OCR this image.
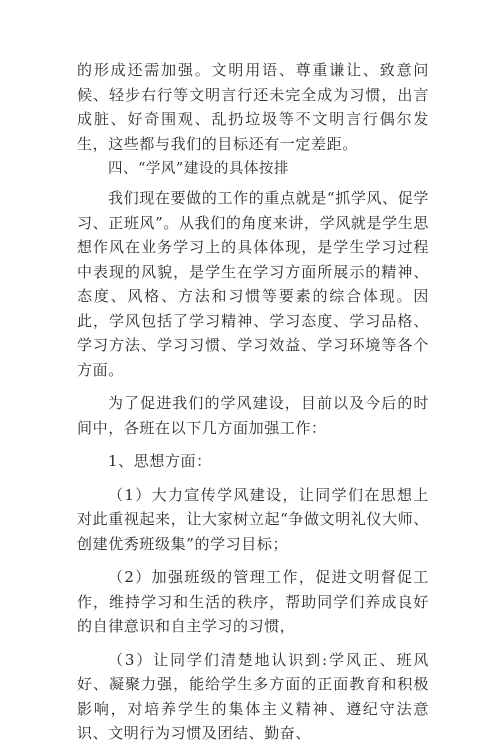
的形成还需加强。文明用语、尊重谦让、致意问候、轻步右行等文明言行还未完全成为习惯，出言成脏、好奇围观、乱扔垃圾等不文明言行偶尔发生，这些都与我们的目标还有一定差距。

四、“学风”建设的具体按排

我们现在要做的工作的重点就是“抓学风、促学习、正班风”。从我们的角度来讲，学风就是学生思想作风在业务学习上的具体体现，是学生学习过程中表现的风貌，是学生在学习方面所展示的精神、态度、风格、方法和习惯等要素的综合体现。因此，学风包括了学习精神、学习态度、学习品格、学习方法、学习习惯、学习效益、学习环境等各个方面。

为了促进我们的学风建设，目前以及今后的时间中，各班在以下几方面加强工作：

1、思想方面：

（1）大力宣传学风建设，让同学们在思想上对此重视起来，让大家树立起“争做文明礼仪大师、创建优秀班级集”的学习目标；

（2）加强班级的管理工作，促进文明督促工作，维持学习和生活的秩序，帮助同学们养成良好的自律意识和自主学习的习惯，

（3）让同学们清楚地认识到:学风正、班风好、凝聚力强，能给学生多方面的正面教育和积极影响，对培养学生的集体主义精神、遵纪守法意识、文明行为习惯及团结、勤奋、
